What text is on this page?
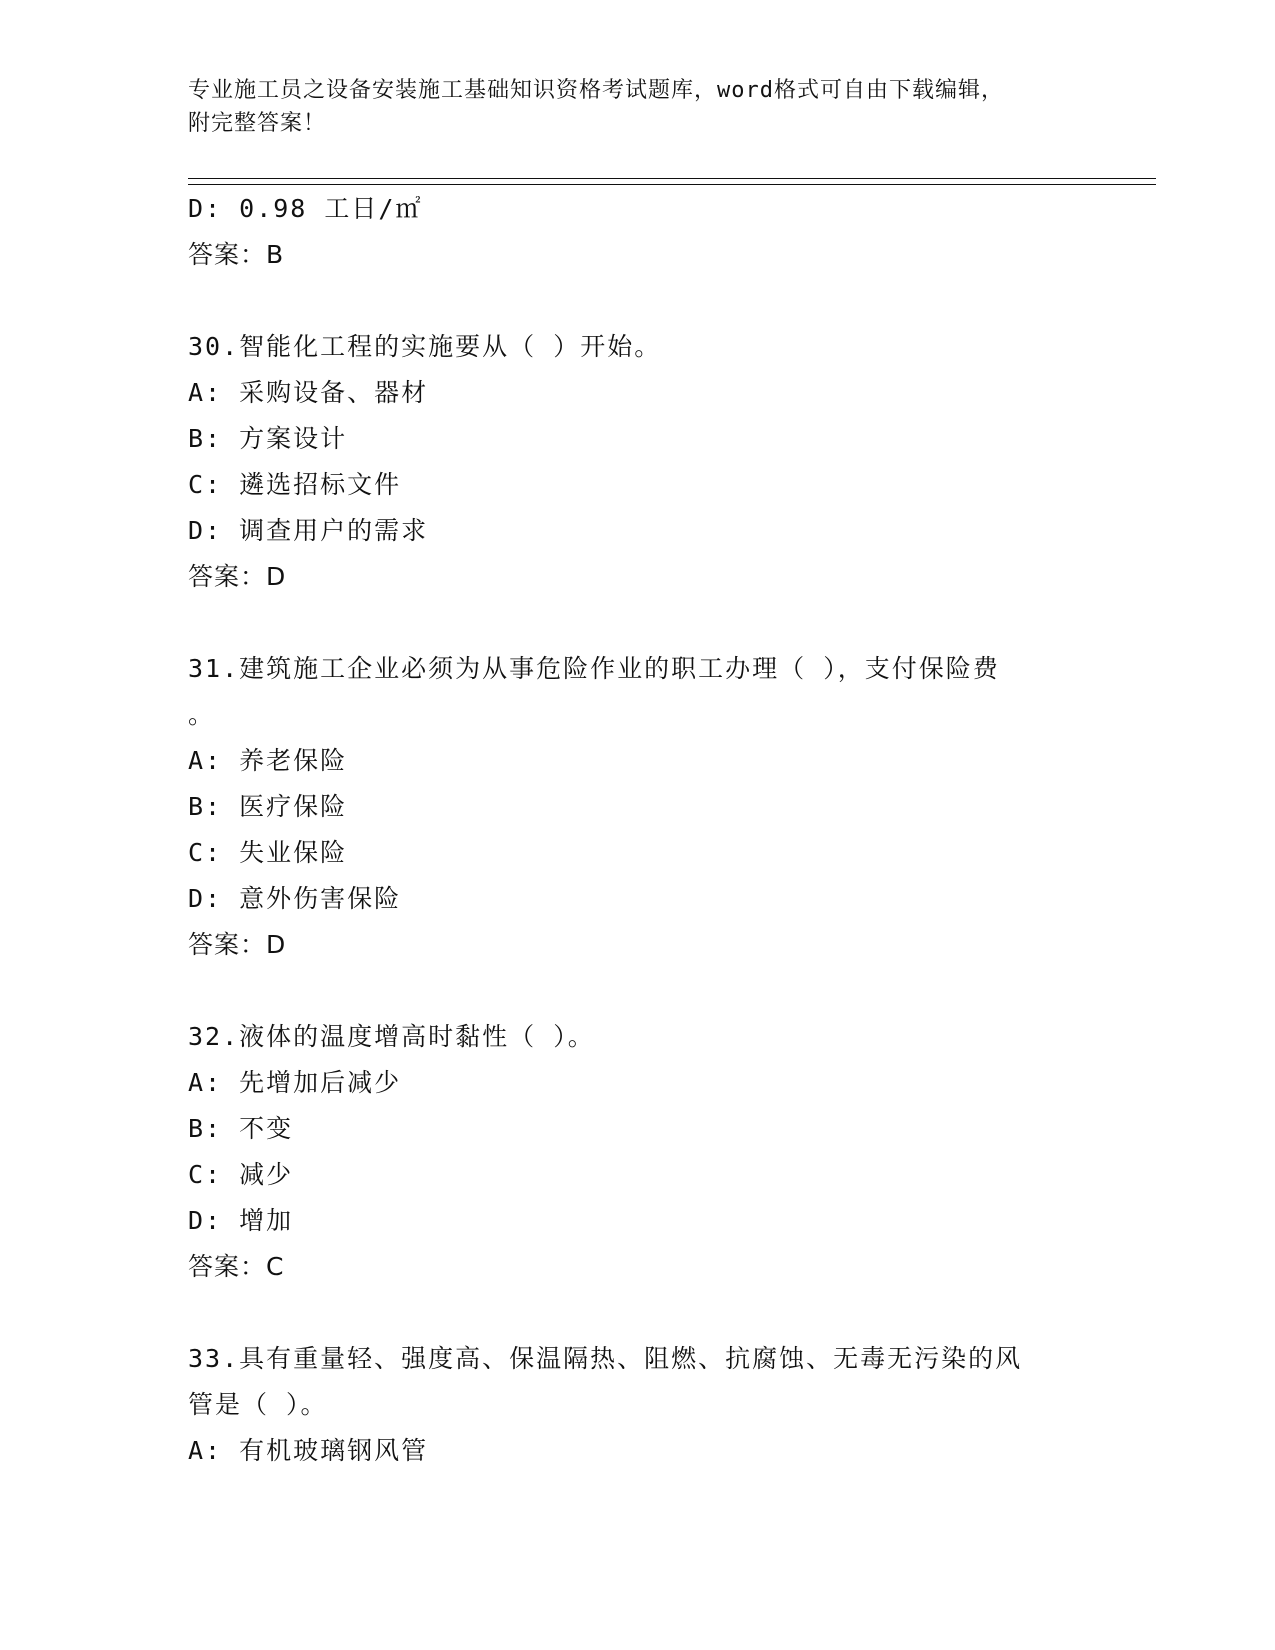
专业施工员之设备安装施工基础知识资格考试题库，word格式可自由下载编辑，
附完整答案！
D: 0.98 工日/㎡
答案：B
30.智能化工程的实施要从（ ）开始。
A: 采购设备、器材
B: 方案设计
C: 遴选招标文件
D: 调查用户的需求
答案：D
31.建筑施工企业必须为从事危险作业的职工办理（ ），支付保险费
。
A: 养老保险
B: 医疗保险
C: 失业保险
D: 意外伤害保险
答案：D
32.液体的温度增高时黏性（ ）。
A: 先增加后减少
B: 不变
C: 减少
D: 增加
答案：C
33.具有重量轻、强度高、保温隔热、阻燃、抗腐蚀、无毒无污染的风
管是（ ）。
A: 有机玻璃钢风管
